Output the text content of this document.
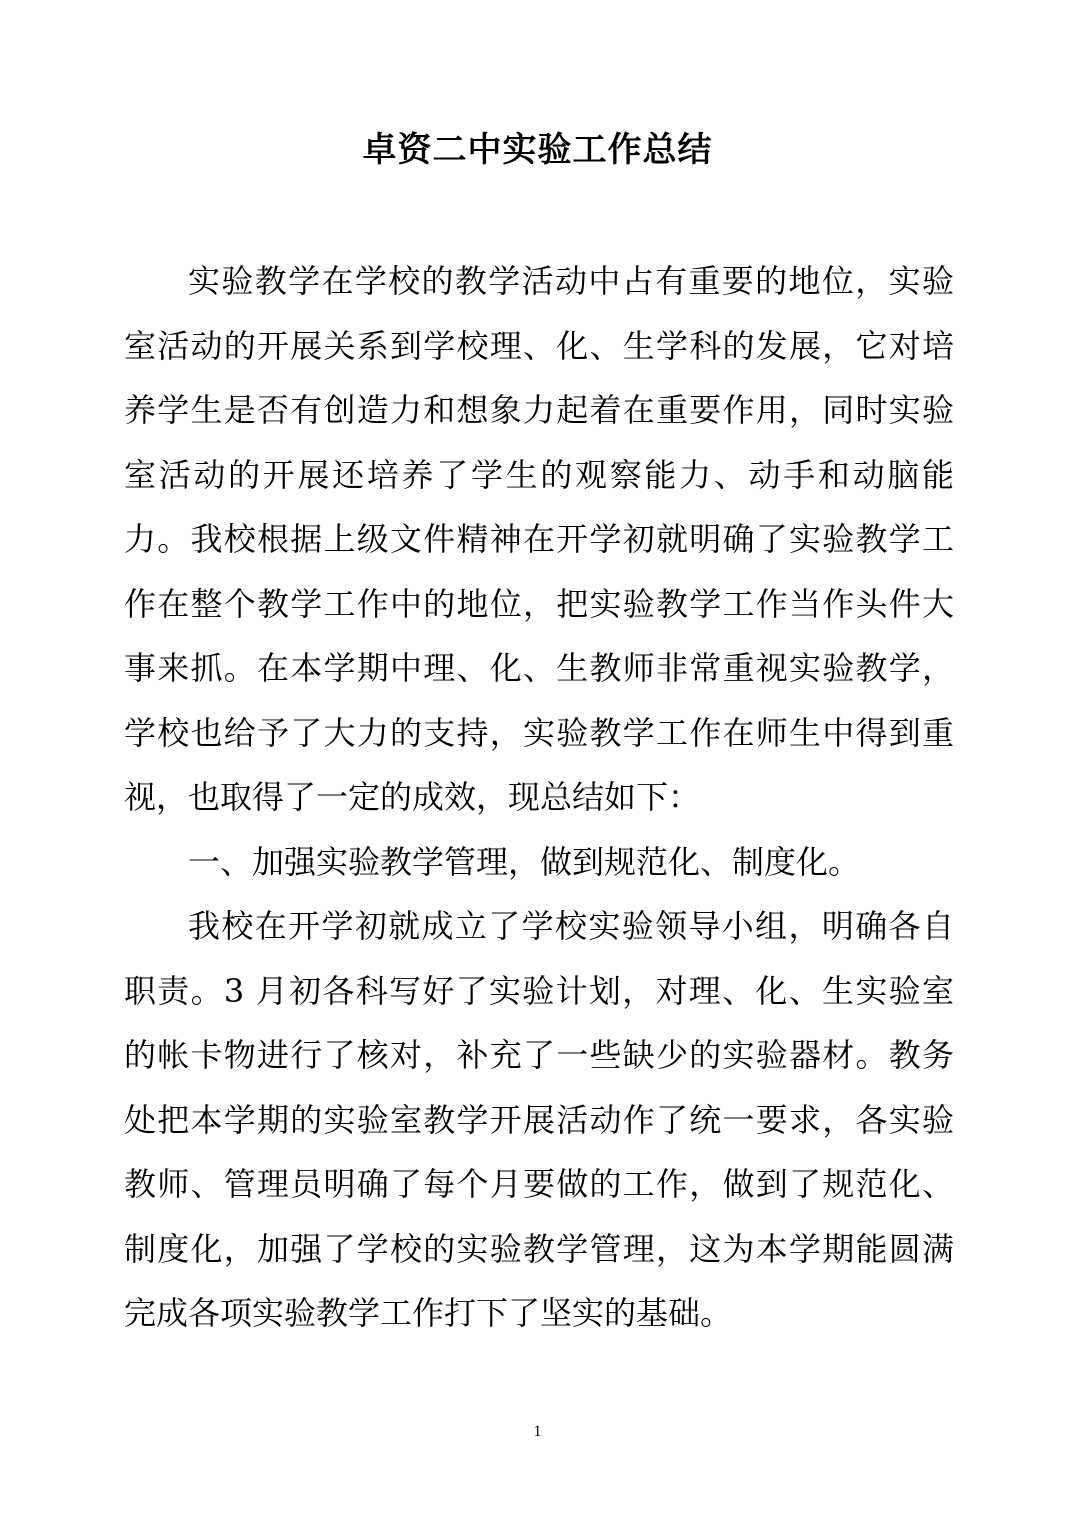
卓资二中实验工作总结

实验教学在学校的教学活动中占有重要的地位，实验室活动的开展关系到学校理、化、生学科的发展，它对培养学生是否有创造力和想象力起着在重要作用，同时实验室活动的开展还培养了学生的观察能力、动手和动脑能力。我校根据上级文件精神在开学初就明确了实验教学工作在整个教学工作中的地位，把实验教学工作当作头件大事来抓。在本学期中理、化、生教师非常重视实验教学，学校也给予了大力的支持，实验教学工作在师生中得到重视，也取得了一定的成效，现总结如下：

一、加强实验教学管理，做到规范化、制度化。

我校在开学初就成立了学校实验领导小组，明确各自职责。3 月初各科写好了实验计划，对理、化、生实验室的帐卡物进行了核对，补充了一些缺少的实验器材。教务处把本学期的实验室教学开展活动作了统一要求，各实验教师、管理员明确了每个月要做的工作，做到了规范化、制度化，加强了学校的实验教学管理，这为本学期能圆满完成各项实验教学工作打下了坚实的基础。

1
